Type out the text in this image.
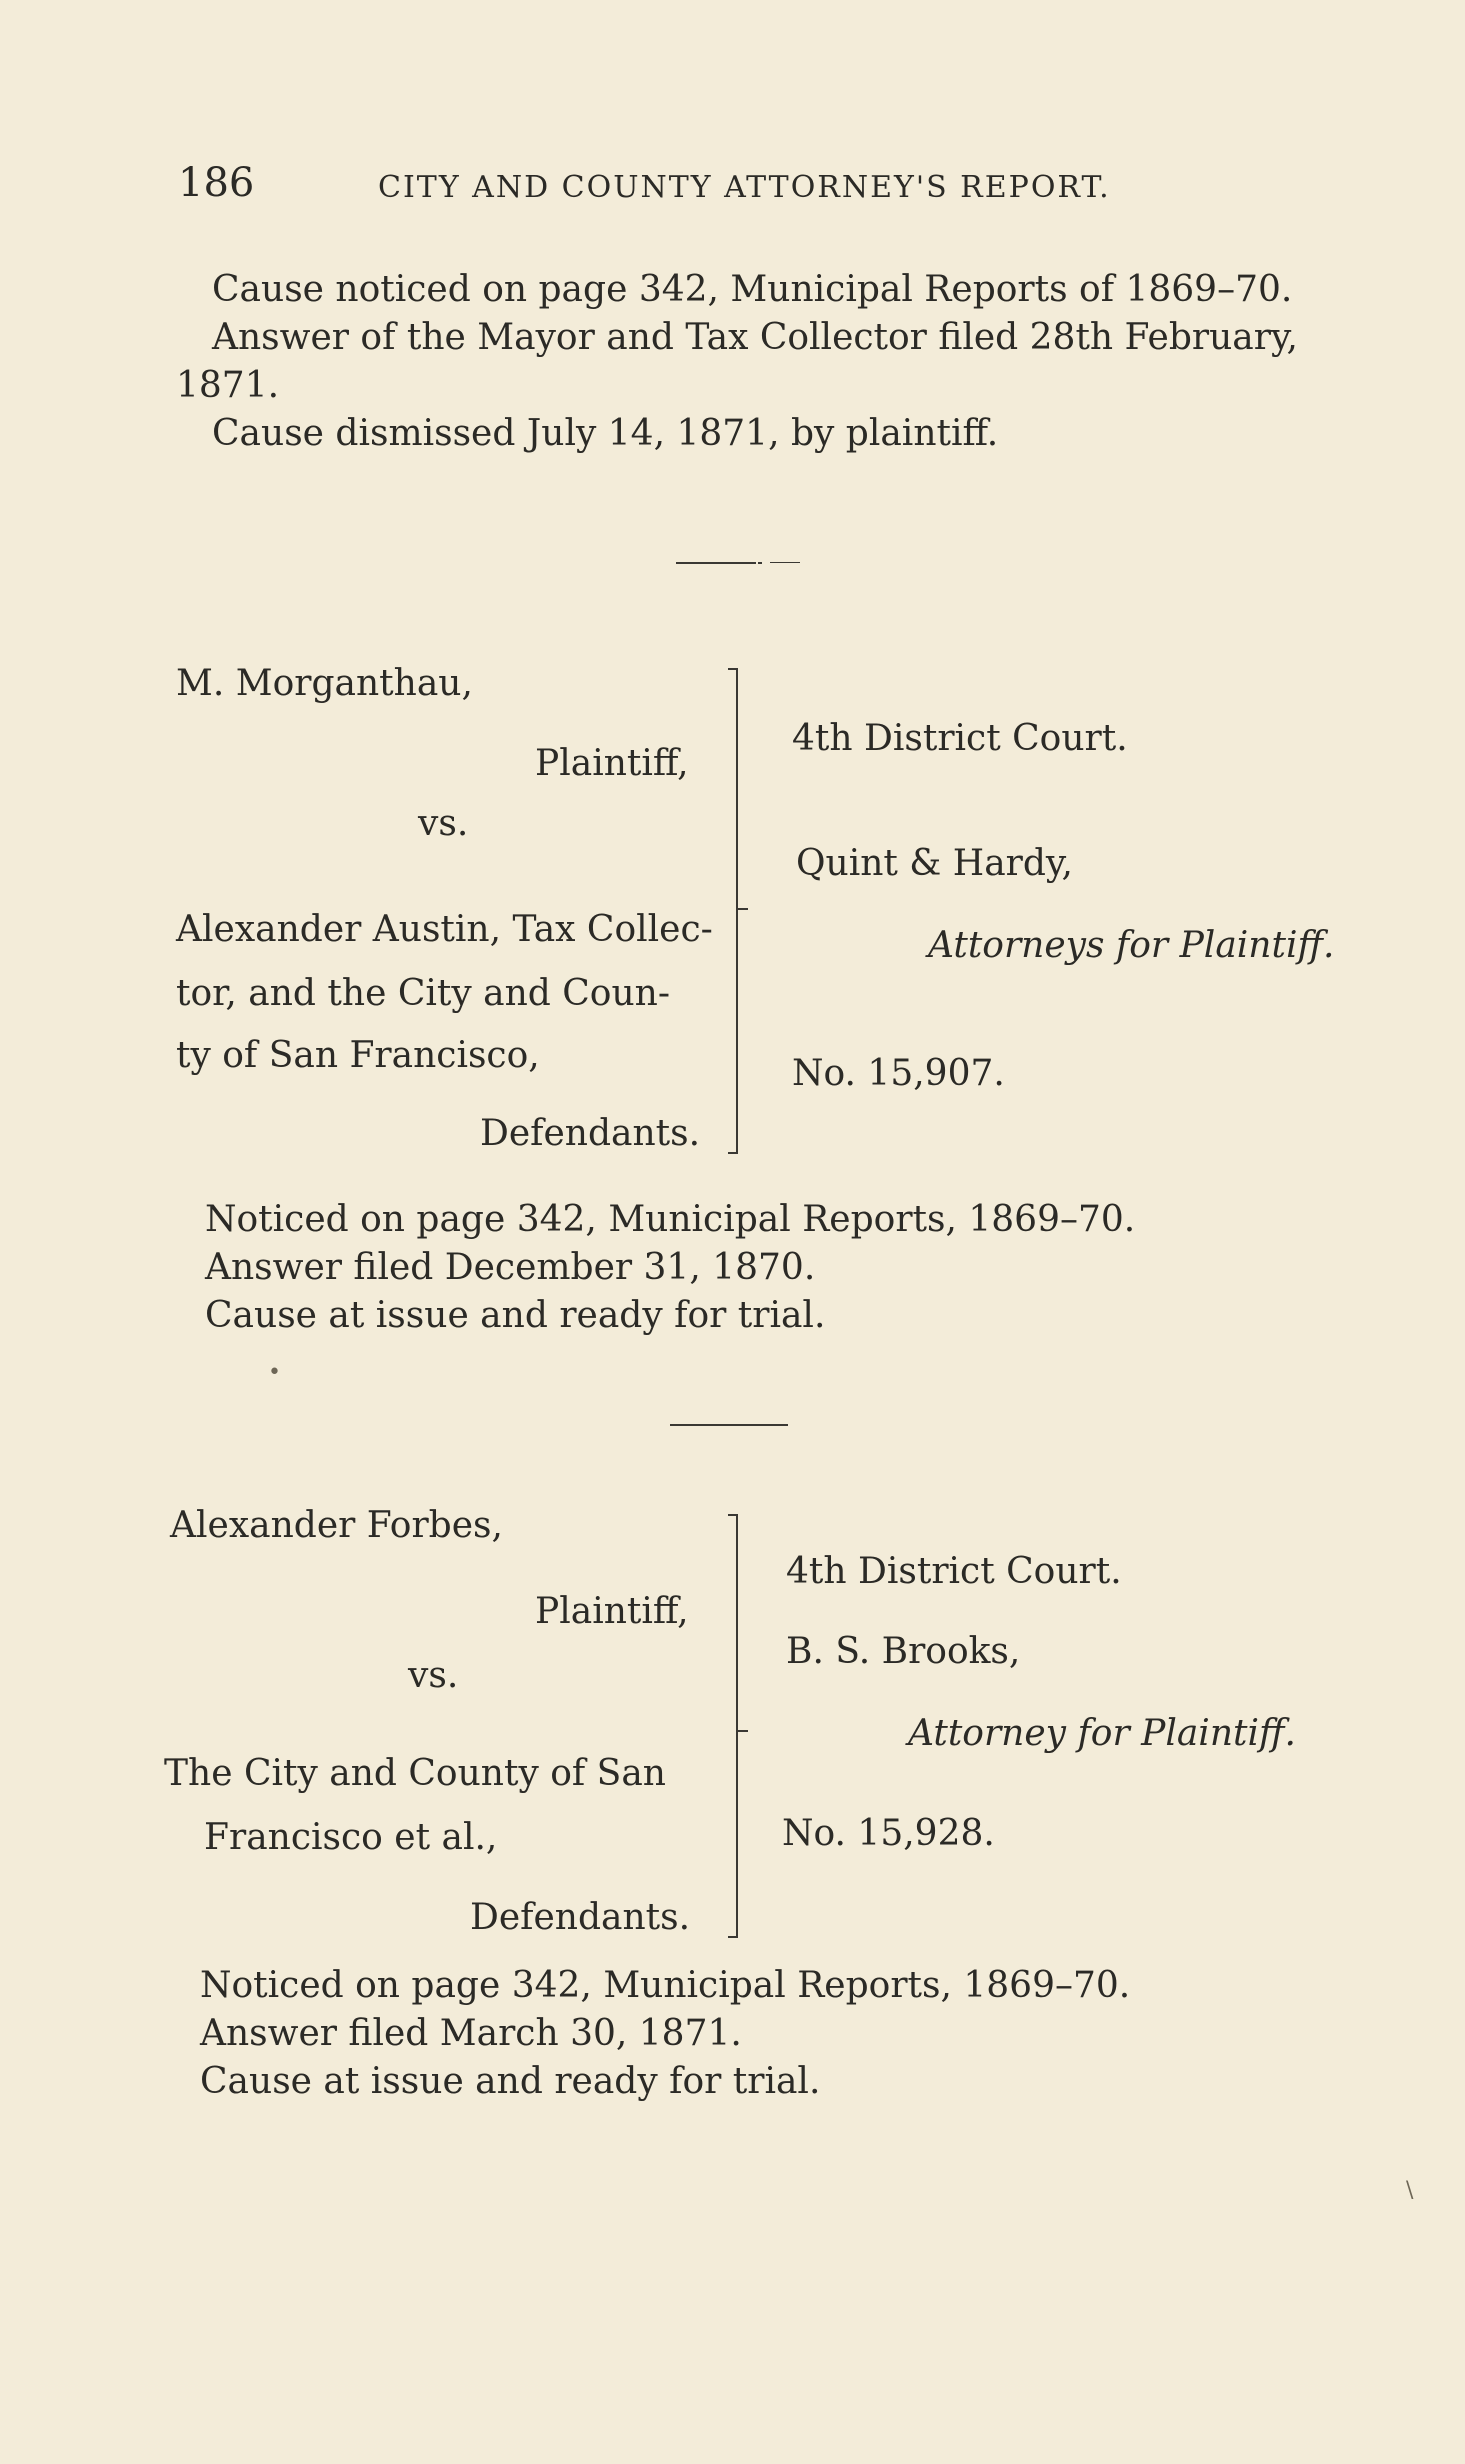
186	CITY AND COUNTY ATTORNEY'S REPORT.
Cause noticed on page 342, Municipal Reports of 1869–70.
Answer of the Mayor and Tax Collector filed 28th February,
1871.
Cause dismissed July 14, 1871, by plaintiff.
M. Morganthau,
Plaintiff,
vs.
Alexander Austin, Tax Collec-
tor, and the City and Coun-
ty of San Francisco,
Defendants.
4th District Court.
Quint & Hardy,
Attorneys for Plaintiff.
No. 15,907.
Noticed on page 342, Municipal Reports, 1869–70.
Answer filed December 31, 1870.
Cause at issue and ready for trial.
Alexander Forbes,
Plaintiff,
vs.
The City and County of San
Francisco et al.,
Defendants.
4th District Court.
B. S. Brooks,
Attorney for Plaintiff.
No. 15,928.
Noticed on page 342, Municipal Reports, 1869–70.
Answer filed March 30, 1871.
Cause at issue and ready for trial.
•
\
